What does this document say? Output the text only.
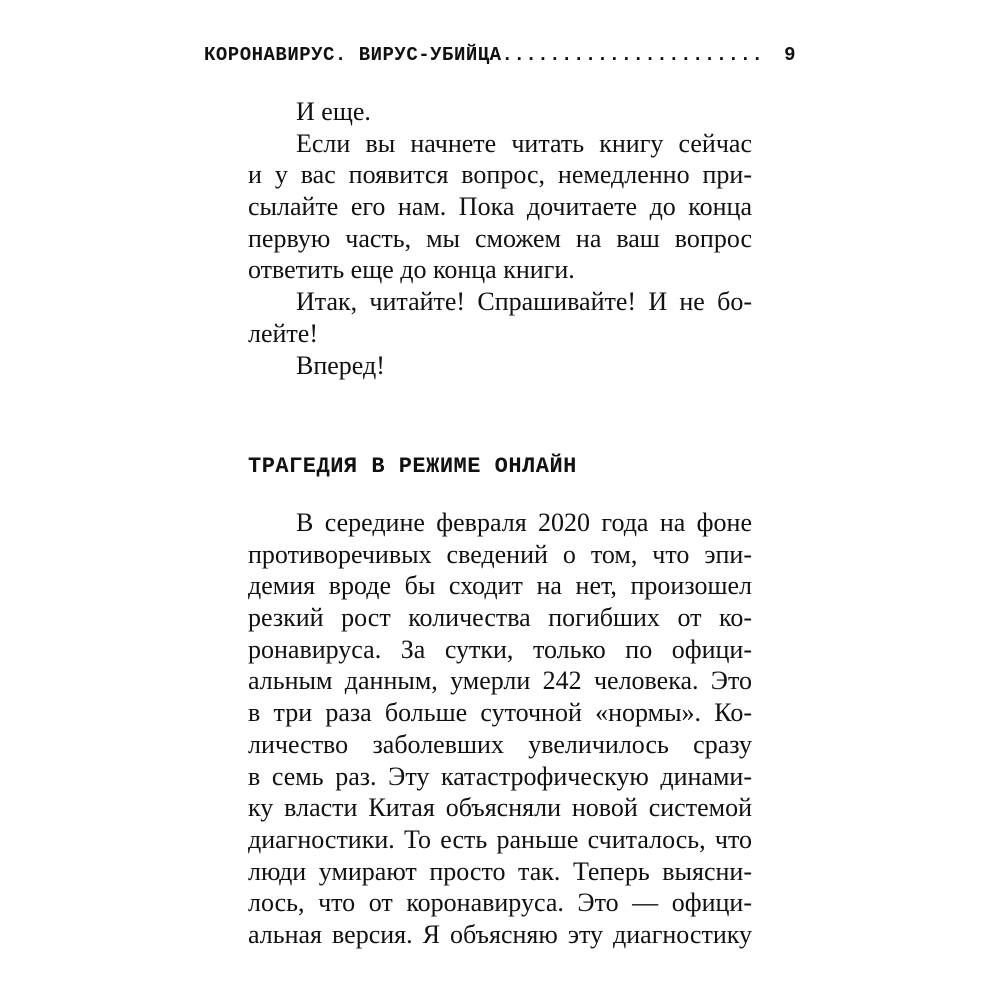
КОРОНАВИРУС. ВИРУС-УБИЙЦА...................... 9
И еще.
Если вы начнете читать книгу сейчас
и у вас появится вопрос, немедленно при-
сылайте его нам. Пока дочитаете до конца
первую часть, мы сможем на ваш вопрос
ответить еще до конца книги.
Итак, читайте! Спрашивайте! И не бо-
лейте!
Вперед!
ТРАГЕДИЯ В РЕЖИМЕ ОНЛАЙН
В середине февраля 2020 года на фоне
противоречивых сведений о том, что эпи-
демия вроде бы сходит на нет, произошел
резкий рост количества погибших от ко-
ронавируса. За сутки, только по офици-
альным данным, умерли 242 человека. Это
в три раза больше суточной «нормы». Ко-
личество заболевших увеличилось сразу
в семь раз. Эту катастрофическую динами-
ку власти Китая объясняли новой системой
диагностики. То есть раньше считалось, что
люди умирают просто так. Теперь выясни-
лось, что от коронавируса. Это — офици-
альная версия. Я объясняю эту диагностику
